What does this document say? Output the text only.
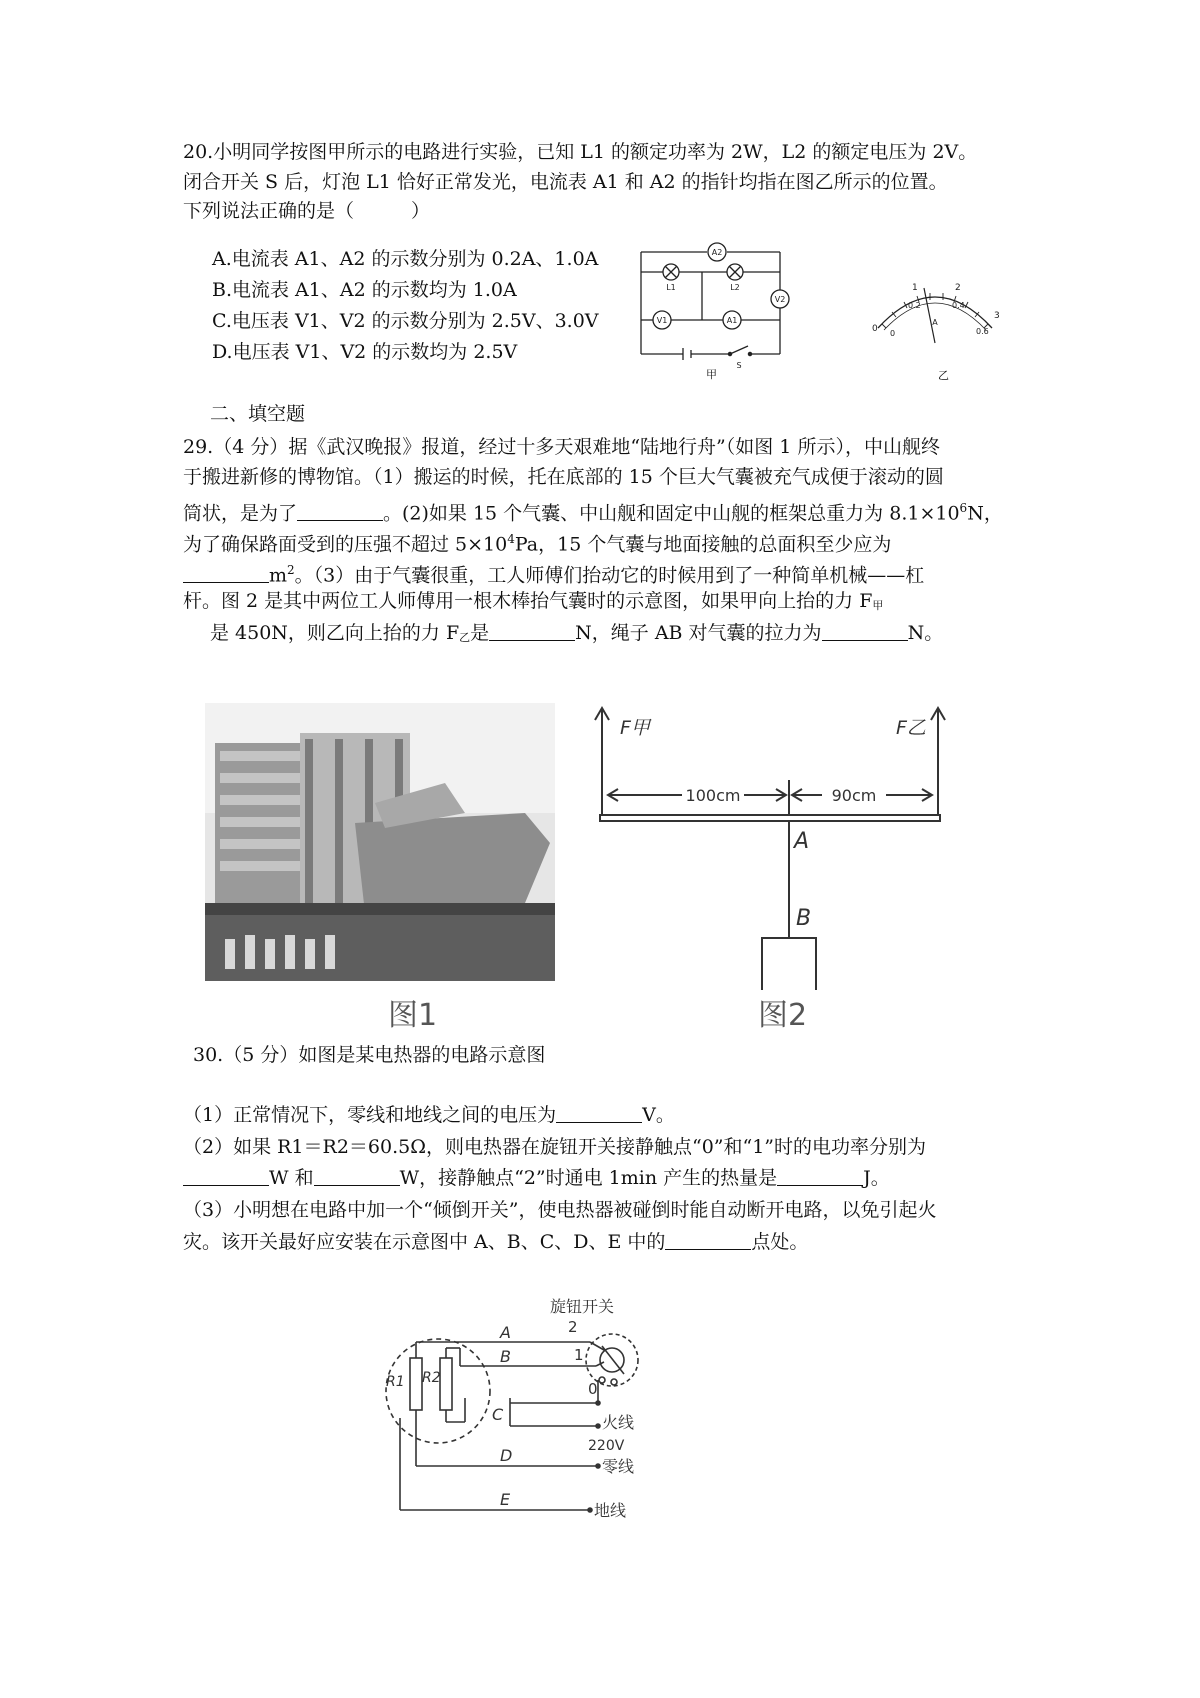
20.小明同学按图甲所示的电路进行实验，已知 L1 的额定功率为 2W，L2 的额定电压为 2V。
闭合开关 S 后，灯泡 L1 恰好正常发光，电流表 A1 和 A2 的指针均指在图乙所示的位置。
下列说法正确的是（　　　）
A.电流表 A1、A2 的示数分别为 0.2A、1.0A
B.电流表 A1、A2 的示数均为 1.0A
C.电压表 V1、V2 的示数分别为 2.5V、3.0V
D.电压表 V1、V2 的示数均为 2.5V
A2
L1	L2
V2
V1	A1
S
甲
0
1	2
3
0
0.2	0.4
0.6
A
乙
二、填空题
29.（4 分）据《武汉晚报》报道，经过十多天艰难地“陆地行舟”（如图 1 所示），中山舰终
于搬进新修的博物馆。（1）搬运的时候，托在底部的 15 个巨大气囊被充气成便于滚动的圆
筒状，是为了	。(2)如果 15 个气囊、中山舰和固定中山舰的框架总重力为 $8.1\times 10^6N$，
为了确保路面受到的压强不超过 $5\times 10^4Pa$，15 个气囊与地面接触的总面积至少应为
$m^2$。（3）由于气囊很重，工人师傅们抬动它的时候用到了一种简单机械——杠
杆。图 2 是其中两位工人师傅用一根木棒抬气囊时的示意图，如果甲向上抬的力 F甲
是 450N，则乙向上抬的力 F乙是	N，绳子 AB 对气囊的拉力为	N。
图1
F甲	F乙
100cm	90cm
A
B
图2
30.（5 分）如图是某电热器的电路示意图
（1）正常情况下，零线和地线之间的电压为	V。
（2）如果 R1＝R2＝60.5Ω，则电热器在旋钮开关接静触点“0”和“1”时的电功率分别为
W 和	W，接静触点“2”时通电 1min 产生的热量是	J。
（3）小明想在电路中加一个“倾倒开关”，使电热器被碰倒时能自动断开电路，以免引起火
灾。该开关最好应安装在示意图中 A、B、C、D、E 中的	点处。
旋钮开关
R1 R2
A
B
C
D
E
2
1
0
火线
220V
零线
地线
